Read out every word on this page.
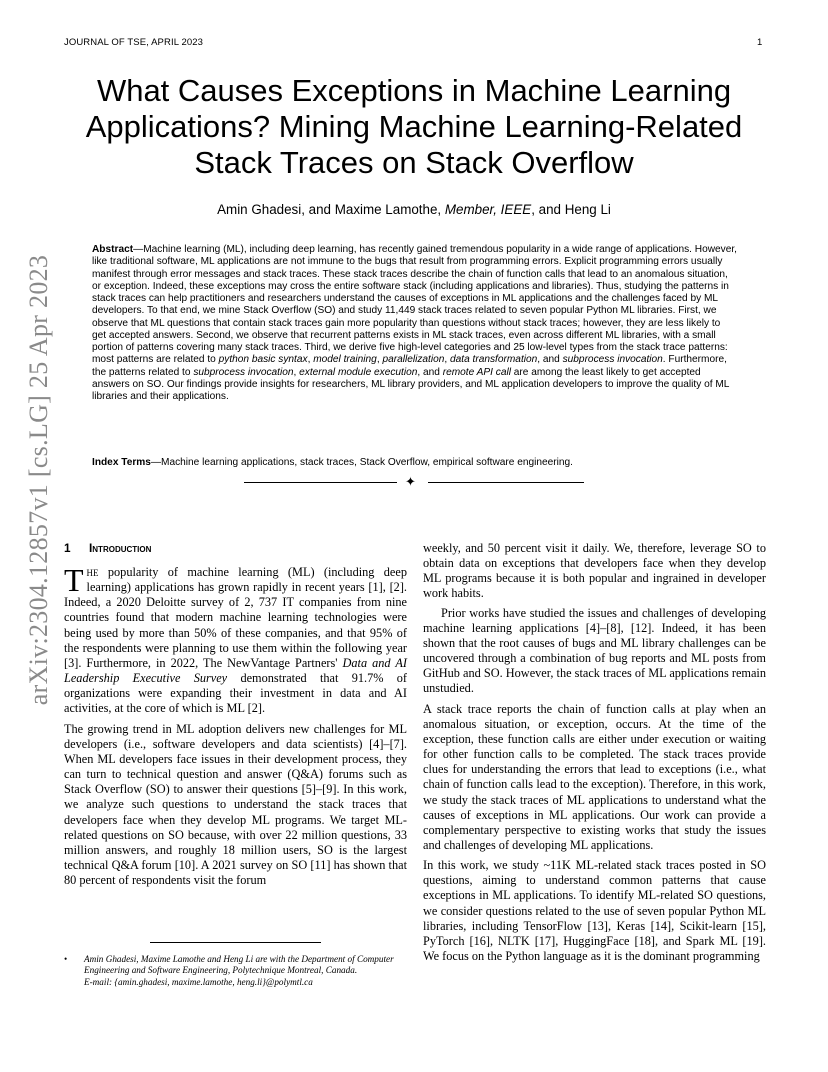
JOURNAL OF TSE, APRIL 2023	1
arXiv:2304.12857v1 [cs.LG] 25 Apr 2023
What Causes Exceptions in Machine Learning
Applications? Mining Machine Learning-Related
Stack Traces on Stack Overflow
Amin Ghadesi, and Maxime Lamothe, Member, IEEE, and Heng Li

Abstract—Machine learning (ML), including deep learning, has recently gained tremendous popularity in a wide range of applications. However, like traditional software, ML applications are not immune to the bugs that result from programming errors. Explicit programming errors usually manifest through error messages and stack traces. These stack traces describe the chain of function calls that lead to an anomalous situation, or exception. Indeed, these exceptions may cross the entire software stack (including applications and libraries). Thus, studying the patterns in stack traces can help practitioners and researchers understand the causes of exceptions in ML applications and the challenges faced by ML developers. To that end, we mine Stack Overflow (SO) and study 11,449 stack traces related to seven popular Python ML libraries. First, we observe that ML questions that contain stack traces gain more popularity than questions without stack traces; however, they are less likely to get accepted answers. Second, we observe that recurrent patterns exists in ML stack traces, even across different ML libraries, with a small portion of patterns covering many stack traces. Third, we derive five high-level categories and 25 low-level types from the stack trace patterns: most patterns are related to python basic syntax, model training, parallelization, data transformation, and subprocess invocation. Furthermore, the patterns related to subprocess invocation, external module execution, and remote API call are among the least likely to get accepted answers on SO. Our findings provide insights for researchers, ML library providers, and ML application developers to improve the quality of ML libraries and their applications.

Index Terms—Machine learning applications, stack traces, Stack Overflow, empirical software engineering.
✦
1 Introduction

The popularity of machine learning (ML) (including deep learning) applications has grown rapidly in recent years [1], [2]. Indeed, a 2020 Deloitte survey of 2, 737 IT companies from nine countries found that modern machine learning technologies were being used by more than 50% of these companies, and that 95% of the respondents were planning to use them within the following year [3]. Furthermore, in 2022, The NewVantage Partners' Data and AI Leadership Executive Survey demonstrated that 91.7% of organizations were expanding their investment in data and AI activities, at the core of which is ML [2].

The growing trend in ML adoption delivers new challenges for ML developers (i.e., software developers and data scientists) [4]–[7]. When ML developers face issues in their development process, they can turn to technical question and answer (Q&A) forums such as Stack Overflow (SO) to answer their questions [5]–[9]. In this work, we analyze such questions to understand the stack traces that developers face when they develop ML programs. We target ML-related questions on SO because, with over 22 million questions, 33 million answers, and roughly 18 million users, SO is the largest technical Q&A forum [10]. A 2021 survey on SO [11] has shown that 80 percent of respondents visit the forum

weekly, and 50 percent visit it daily. We, therefore, leverage SO to obtain data on exceptions that developers face when they develop ML programs because it is both popular and ingrained in developer work habits.

Prior works have studied the issues and challenges of developing machine learning applications [4]–[8], [12]. Indeed, it has been shown that the root causes of bugs and ML library challenges can be uncovered through a combination of bug reports and ML posts from GitHub and SO. However, the stack traces of ML applications remain unstudied.

A stack trace reports the chain of function calls at play when an anomalous situation, or exception, occurs. At the time of the exception, these function calls are either under execution or waiting for other function calls to be completed. The stack traces provide clues for understanding the errors that lead to exceptions (i.e., what chain of function calls lead to the exception). Therefore, in this work, we study the stack traces of ML applications to understand what the causes of exceptions in ML applications. Our work can provide a complementary perspective to existing works that study the issues and challenges of developing ML applications.

In this work, we study ~11K ML-related stack traces posted in SO questions, aiming to understand common patterns that cause exceptions in ML applications. To identify ML-related SO questions, we consider questions related to the use of seven popular Python ML libraries, including TensorFlow [13], Keras [14], Scikit-learn [15], PyTorch [16], NLTK [17], HuggingFace [18], and Spark ML [19]. We focus on the Python language as it is the dominant programming

• Amin Ghadesi, Maxime Lamothe and Heng Li are with the Department of Computer Engineering and Software Engineering, Polytechnique Montreal, Canada.
E-mail: {amin.ghadesi, maxime.lamothe, heng.li}@polymtl.ca
